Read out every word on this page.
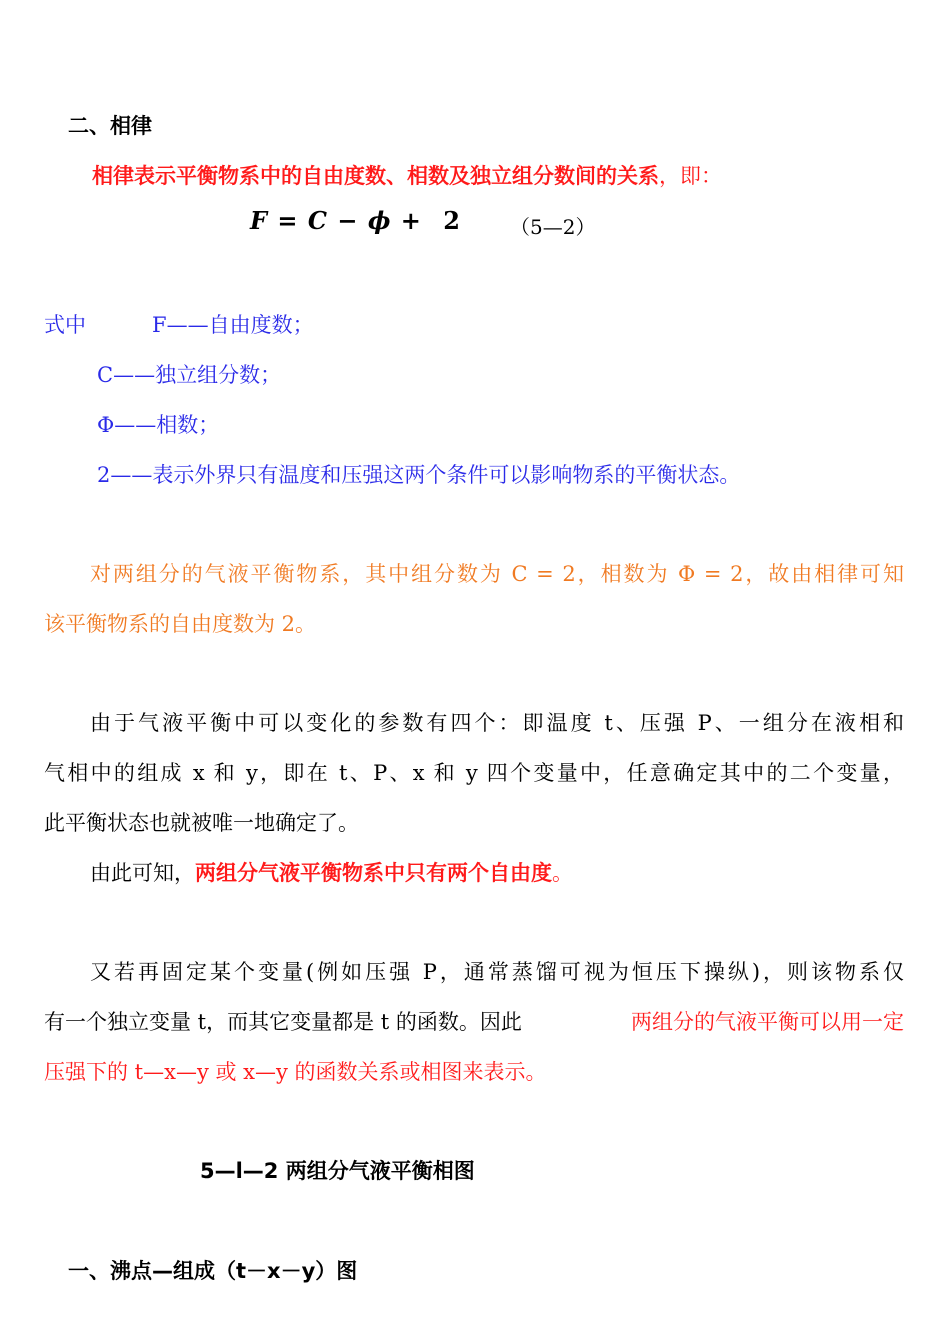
二、相律
相律表示平衡物系中的自由度数、相数及独立组分数间的关系，即：
F = C − ϕ + 2 （5—2）
式中	F——自由度数；
C——独立组分数；
Φ——相数；
2——表示外界只有温度和压强这两个条件可以影响物系的平衡状态。
对两组分的气液平衡物系，其中组分数为 C = 2，相数为 Φ = 2，故由相律可知
该平衡物系的自由度数为 2。
由于气液平衡中可以变化的参数有四个：即温度 t、压强 P、一组分在液相和
气相中的组成 x 和 y，即在 t、P、x 和 y 四个变量中，任意确定其中的二个变量，
此平衡状态也就被唯一地确定了。
由此可知，两组分气液平衡物系中只有两个自由度。
又若再固定某个变量(例如压强 P，通常蒸馏可视为恒压下操纵)，则该物系仅
有一个独立变量 t，而其它变量都是 t 的函数。因此	两组分的气液平衡可以用一定
压强下的 t—x—y 或 x—y 的函数关系或相图来表示。
5—l—2 两组分气液平衡相图
一、沸点—组成（t－x－y）图
